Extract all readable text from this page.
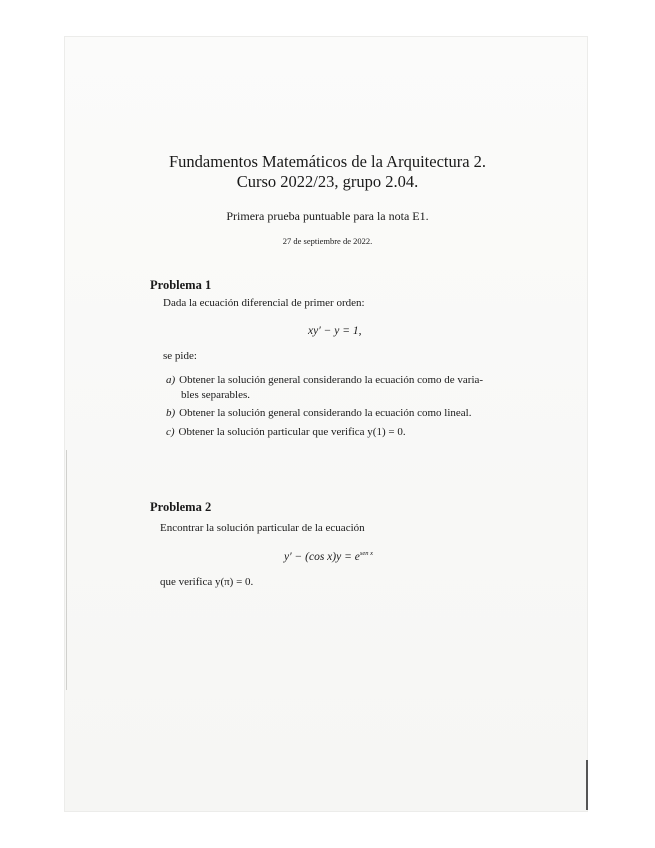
Fundamentos Matemáticos de la Arquitectura 2.
Curso 2022/23, grupo 2.04.
Primera prueba puntuable para la nota E1.
27 de septiembre de 2022.
Problema 1
Dada la ecuación diferencial de primer orden:
xy′ − y = 1,
se pide:
a) Obtener la solución general considerando la ecuación como de varia-
bles separables.
b) Obtener la solución general considerando la ecuación como lineal.
c) Obtener la solución particular que verifica y(1) = 0.
Problema 2
Encontrar la solución particular de la ecuación
y′ − (cos $x)y = e^{sen x}$
que verifica y(π) = 0.
